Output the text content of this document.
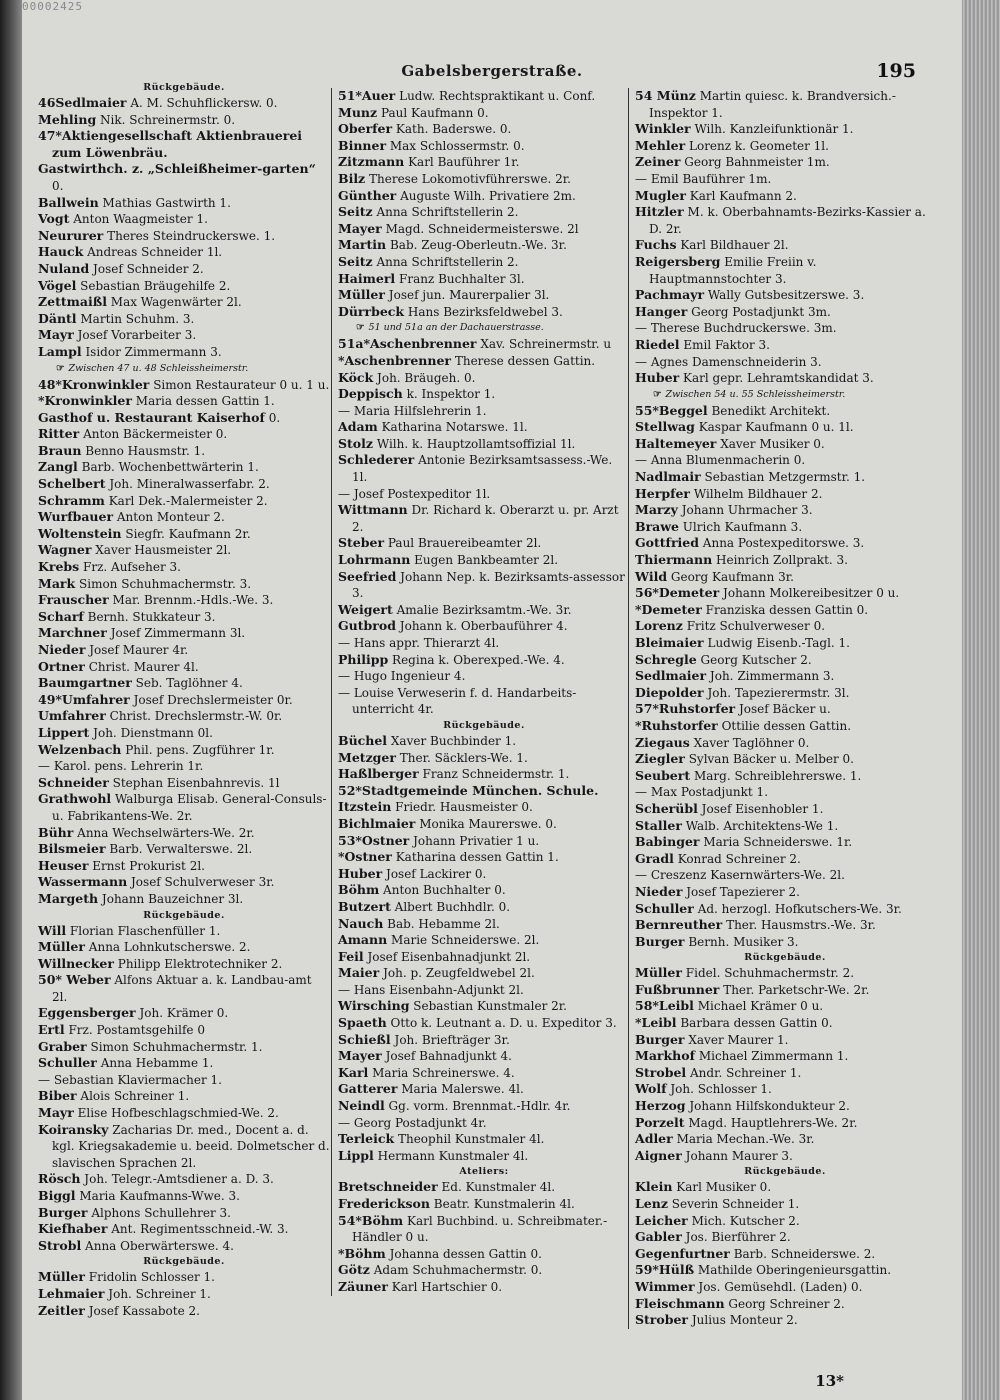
00002425
Gabelsbergerstraße.	195
Rückgebäude.
46Sedlmaier A. M. Schuhflickersw. 0.
Mehling Nik. Schreinermstr. 0.
47*Aktiengesellschaft Aktienbrauerei zum Löwenbräu.
Gastwirthch. z. „Schleißheimer-garten“ 0.
Ballwein Mathias Gastwirth 1.
Vogt Anton Waagmeister 1.
Neururer Theres Steindruckerswe. 1.
Hauck Andreas Schneider 1l.
Nuland Josef Schneider 2.
Vögel Sebastian Bräugehilfe 2.
Zettmaißl Max Wagenwärter 2l.
Däntl Martin Schuhm. 3.
Mayr Josef Vorarbeiter 3.
Lampl Isidor Zimmermann 3.
☞ Zwischen 47 u. 48 Schleissheimerstr.
48*Kronwinkler Simon Restaurateur 0 u. 1 u.
*Kronwinkler Maria dessen Gattin 1.
Gasthof u. Restaurant Kaiserhof 0.
Ritter Anton Bäckermeister 0.
Braun Benno Hausmstr. 1.
Zangl Barb. Wochenbettwärterin 1.
Schelbert Joh. Mineralwasserfabr. 2.
Schramm Karl Dek.-Malermeister 2.
Wurfbauer Anton Monteur 2.
Woltenstein Siegfr. Kaufmann 2r.
Wagner Xaver Hausmeister 2l.
Krebs Frz. Aufseher 3.
Mark Simon Schuhmachermstr. 3.
Frauscher Mar. Brennm.-Hdls.-We. 3.
Scharf Bernh. Stukkateur 3.
Marchner Josef Zimmermann 3l.
Nieder Josef Maurer 4r.
Ortner Christ. Maurer 4l.
Baumgartner Seb. Taglöhner 4.
49*Umfahrer Josef Drechslermeister 0r.
Umfahrer Christ. Drechslermstr.-W. 0r.
Lippert Joh. Dienstmann 0l.
Welzenbach Phil. pens. Zugführer 1r.
— Karol. pens. Lehrerin 1r.
Schneider Stephan Eisenbahnrevis. 1l
Grathwohl Walburga Elisab. General-Consuls- u. Fabrikantens-We. 2r.
Bühr Anna Wechselwärters-We. 2r.
Bilsmeier Barb. Verwalterswe. 2l.
Heuser Ernst Prokurist 2l.
Wassermann Josef Schulverweser 3r.
Margeth Johann Bauzeichner 3l.
Rückgebäude.
Will Florian Flaschenfüller 1.
Müller Anna Lohnkutscherswe. 2.
Willnecker Philipp Elektrotechniker 2.
50* Weber Alfons Aktuar a. k. Landbau-amt 2l.
Eggensberger Joh. Krämer 0.
Ertl Frz. Postamtsgehilfe 0
Graber Simon Schuhmachermstr. 1.
Schuller Anna Hebamme 1.
— Sebastian Klaviermacher 1.
Biber Alois Schreiner 1.
Mayr Elise Hofbeschlagschmied-We. 2.
Koiransky Zacharias Dr. med., Docent a. d. kgl. Kriegsakademie u. beeid. Dolmetscher d. slavischen Sprachen 2l.
Rösch Joh. Telegr.-Amtsdiener a. D. 3.
Biggl Maria Kaufmanns-Wwe. 3.
Burger Alphons Schullehrer 3.
Kiefhaber Ant. Regimentsschneid.-W. 3.
Strobl Anna Oberwärterswe. 4.
Rückgebäude.
Müller Fridolin Schlosser 1.
Lehmaier Joh. Schreiner 1.
Zeitler Josef Kassabote 2.
51*Auer Ludw. Rechtspraktikant u. Conf.
Munz Paul Kaufmann 0.
Oberfer Kath. Baderswe. 0.
Binner Max Schlossermstr. 0.
Zitzmann Karl Bauführer 1r.
Bilz Therese Lokomotivführerswe. 2r.
Günther Auguste Wilh. Privatiere 2m.
Seitz Anna Schriftstellerin 2.
Mayer Magd. Schneidermeisterswe. 2l
Martin Bab. Zeug-Oberleutn.-We. 3r.
Seitz Anna Schriftstellerin 2.
Haimerl Franz Buchhalter 3l.
Müller Josef jun. Maurerpalier 3l.
Dürrbeck Hans Bezirksfeldwebel 3.
☞ 51 und 51a an der Dachauerstrasse.
51a*Aschenbrenner Xav. Schreinermstr. u
*Aschenbrenner Therese dessen Gattin.
Köck Joh. Bräugeh. 0.
Deppisch k. Inspektor 1.
— Maria Hilfslehrerin 1.
Adam Katharina Notarswe. 1l.
Stolz Wilh. k. Hauptzollamtsoffizial 1l.
Schlederer Antonie Bezirksamtsassess.-We. 1l.
— Josef Postexpeditor 1l.
Wittmann Dr. Richard k. Oberarzt u. pr. Arzt 2.
Steber Paul Brauereibeamter 2l.
Lohrmann Eugen Bankbeamter 2l.
Seefried Johann Nep. k. Bezirksamts-assessor 3.
Weigert Amalie Bezirksamtm.-We. 3r.
Gutbrod Johann k. Oberbauführer 4.
— Hans appr. Thierarzt 4l.
Philipp Regina k. Oberexped.-We. 4.
— Hugo Ingenieur 4.
— Louise Verweserin f. d. Handarbeits-unterricht 4r.
Rückgebäude.
Büchel Xaver Buchbinder 1.
Metzger Ther. Säcklers-We. 1.
Haßlberger Franz Schneidermstr. 1.
52*Stadtgemeinde München. Schule.
Itzstein Friedr. Hausmeister 0.
Bichlmaier Monika Maurerswe. 0.
53*Ostner Johann Privatier 1 u.
*Ostner Katharina dessen Gattin 1.
Huber Josef Lackirer 0.
Böhm Anton Buchhalter 0.
Butzert Albert Buchhdlr. 0.
Nauch Bab. Hebamme 2l.
Amann Marie Schneiderswe. 2l.
Feil Josef Eisenbahnadjunkt 2l.
Maier Joh. p. Zeugfeldwebel 2l.
— Hans Eisenbahn-Adjunkt 2l.
Wirsching Sebastian Kunstmaler 2r.
Spaeth Otto k. Leutnant a. D. u. Expeditor 3.
Schießl Joh. Briefträger 3r.
Mayer Josef Bahnadjunkt 4.
Karl Maria Schreinerswe. 4.
Gatterer Maria Malerswe. 4l.
Neindl Gg. vorm. Brennmat.-Hdlr. 4r.
— Georg Postadjunkt 4r.
Terleick Theophil Kunstmaler 4l.
Lippl Hermann Kunstmaler 4l.
Ateliers:
Bretschneider Ed. Kunstmaler 4l.
Frederickson Beatr. Kunstmalerin 4l.
54*Böhm Karl Buchbind. u. Schreibmater.-Händler 0 u.
*Böhm Johanna dessen Gattin 0.
Götz Adam Schuhmachermstr. 0.
Zäuner Karl Hartschier 0.
54 Münz Martin quiesc. k. Brandversich.-Inspektor 1.
Winkler Wilh. Kanzleifunktionär 1.
Mehler Lorenz k. Geometer 1l.
Zeiner Georg Bahnmeister 1m.
— Emil Bauführer 1m.
Mugler Karl Kaufmann 2.
Hitzler M. k. Oberbahnamts-Bezirks-Kassier a. D. 2r.
Fuchs Karl Bildhauer 2l.
Reigersberg Emilie Freiin v. Hauptmannstochter 3.
Pachmayr Wally Gutsbesitzerswe. 3.
Hanger Georg Postadjunkt 3m.
— Therese Buchdruckerswe. 3m.
Riedel Emil Faktor 3.
— Agnes Damenschneiderin 3.
Huber Karl gepr. Lehramtskandidat 3.
☞ Zwischen 54 u. 55 Schleissheimerstr.
55*Beggel Benedikt Architekt.
Stellwag Kaspar Kaufmann 0 u. 1l.
Haltemeyer Xaver Musiker 0.
— Anna Blumenmacherin 0.
Nadlmair Sebastian Metzgermstr. 1.
Herpfer Wilhelm Bildhauer 2.
Marzy Johann Uhrmacher 3.
Brawe Ulrich Kaufmann 3.
Gottfried Anna Postexpeditorswe. 3.
Thiermann Heinrich Zollprakt. 3.
Wild Georg Kaufmann 3r.
56*Demeter Johann Molkereibesitzer 0 u.
*Demeter Franziska dessen Gattin 0.
Lorenz Fritz Schulverweser 0.
Bleimaier Ludwig Eisenb.-Tagl. 1.
Schregle Georg Kutscher 2.
Sedlmaier Joh. Zimmermann 3.
Diepolder Joh. Tapezierermstr. 3l.
57*Ruhstorfer Josef Bäcker u.
*Ruhstorfer Ottilie dessen Gattin.
Ziegaus Xaver Taglöhner 0.
Ziegler Sylvan Bäcker u. Melber 0.
Seubert Marg. Schreiblehrerswe. 1.
— Max Postadjunkt 1.
Scherübl Josef Eisenhobler 1.
Staller Walb. Architektens-We 1.
Babinger Maria Schneiderswe. 1r.
Gradl Konrad Schreiner 2.
— Creszenz Kasernwärters-We. 2l.
Nieder Josef Tapezierer 2.
Schuller Ad. herzogl. Hofkutschers-We. 3r.
Bernreuther Ther. Hausmstrs.-We. 3r.
Burger Bernh. Musiker 3.
Rückgebäude.
Müller Fidel. Schuhmachermstr. 2.
Fußbrunner Ther. Parketschr-We. 2r.
58*Leibl Michael Krämer 0 u.
*Leibl Barbara dessen Gattin 0.
Burger Xaver Maurer 1.
Markhof Michael Zimmermann 1.
Strobel Andr. Schreiner 1.
Wolf Joh. Schlosser 1.
Herzog Johann Hilfskondukteur 2.
Porzelt Magd. Hauptlehrers-We. 2r.
Adler Maria Mechan.-We. 3r.
Aigner Johann Maurer 3.
Rückgebäude.
Klein Karl Musiker 0.
Lenz Severin Schneider 1.
Leicher Mich. Kutscher 2.
Gabler Jos. Bierführer 2.
Gegenfurtner Barb. Schneiderswe. 2.
59*Hülß Mathilde Oberingenieursgattin.
Wimmer Jos. Gemüsehdl. (Laden) 0.
Fleischmann Georg Schreiner 2.
Strober Julius Monteur 2.
13*
